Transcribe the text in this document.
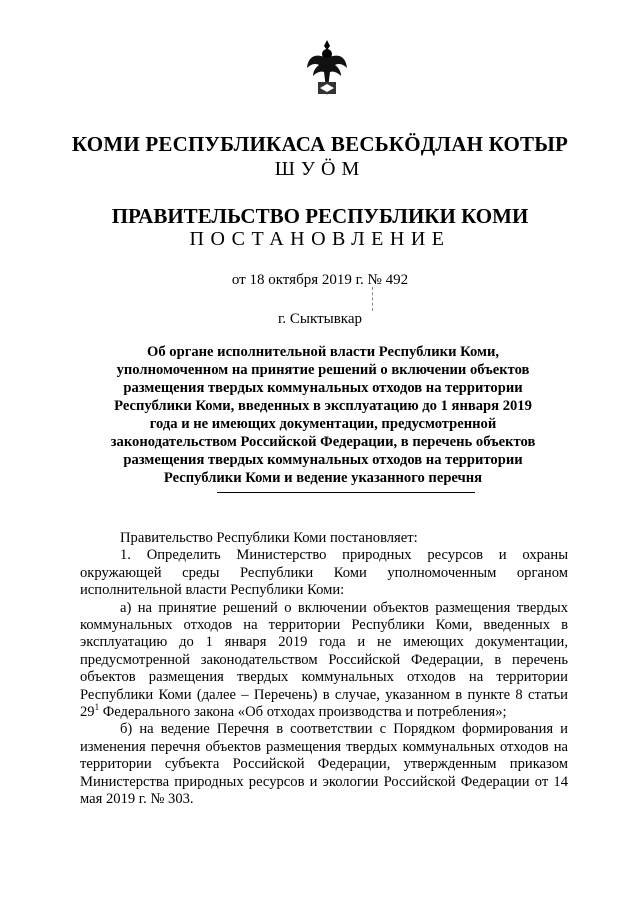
КОМИ РЕСПУБЛИКАСА ВЕСЬКӦДЛАН КОТЫР
ШУӦМ
ПРАВИТЕЛЬСТВО РЕСПУБЛИКИ КОМИ
ПОСТАНОВЛЕНИЕ
от 18 октября 2019 г. № 492
г. Сыктывкар
Об органе исполнительной власти Республики Коми, уполномоченном на принятие решений о включении объектов размещения твердых коммунальных отходов на территории Республики Коми, введенных в эксплуатацию до 1 января 2019 года и не имеющих документации, предусмотренной законодательством Российской Федерации, в перечень объектов размещения твердых коммунальных отходов на территории Республики Коми и ведение указанного перечня

Правительство Республики Коми постановляет:

1. Определить Министерство природных ресурсов и охраны окружающей среды Республики Коми уполномоченным органом исполнительной власти Республики Коми:

а) на принятие решений о включении объектов размещения твердых коммунальных отходов на территории Республики Коми, введенных в эксплуатацию до 1 января 2019 года и не имеющих документации, предусмотренной законодательством Российской Федерации, в перечень объектов размещения твердых коммунальных отходов на территории Республики Коми (далее – Перечень) в случае, указанном в пункте 8 статьи $29^1$ Федерального закона «Об отходах производства и потребления»;

б) на ведение Перечня в соответствии с Порядком формирования и изменения перечня объектов размещения твердых коммунальных отходов на территории субъекта Российской Федерации, утвержденным приказом Министерства природных ресурсов и экологии Российской Федерации от 14 мая 2019 г. № 303.
